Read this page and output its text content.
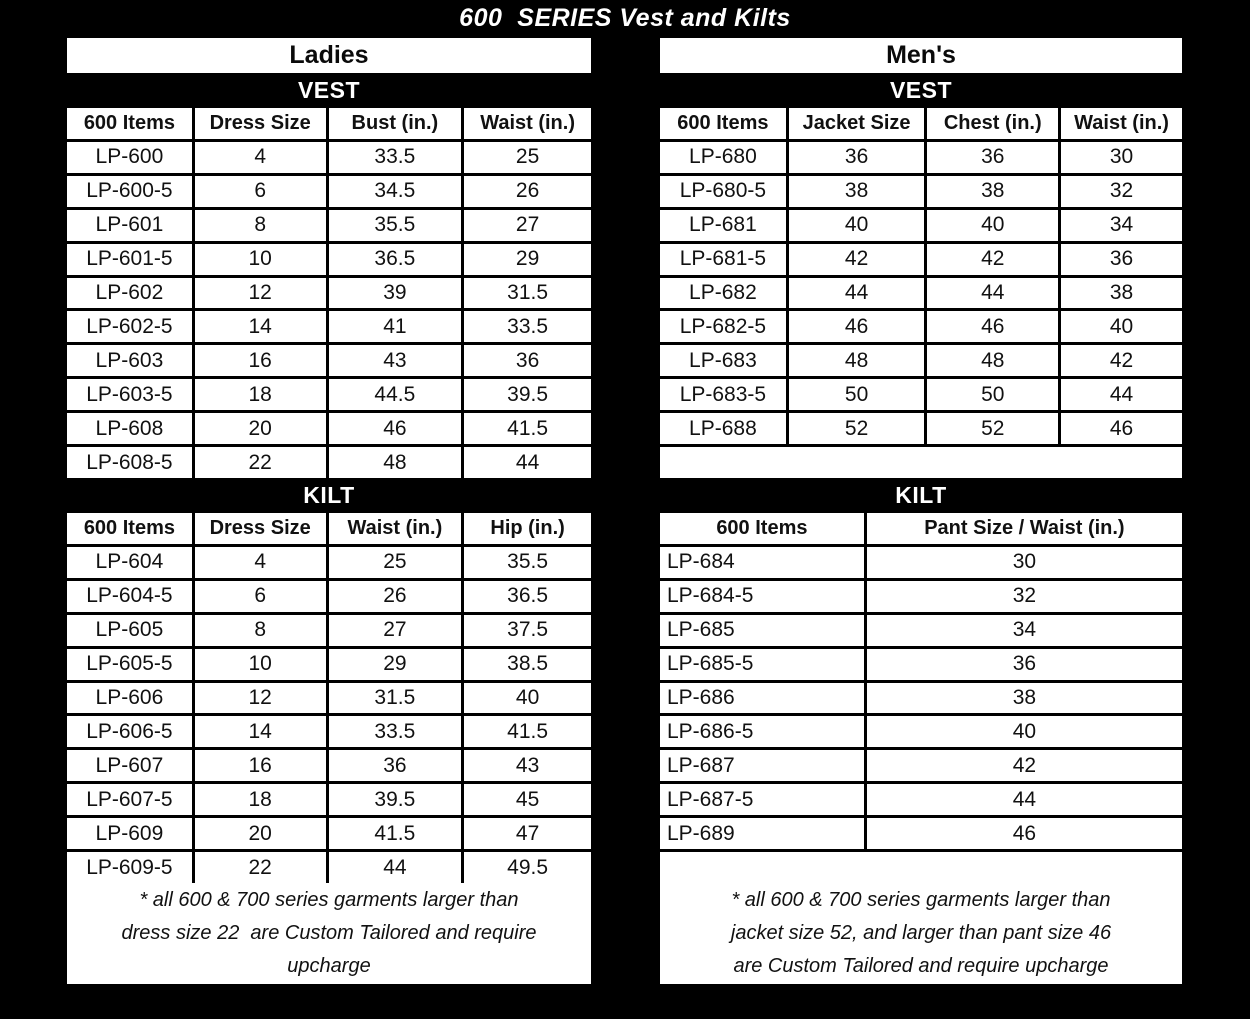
600  SERIES Vest and Kilts
Ladies
VEST
600 Items	Dress Size	Bust (in.)	Waist (in.)
LP-600	4	33.5	25
LP-600-5	6	34.5	26
LP-601	8	35.5	27
LP-601-5	10	36.5	29
LP-602	12	39	31.5
LP-602-5	14	41	33.5
LP-603	16	43	36
LP-603-5	18	44.5	39.5
LP-608	20	46	41.5
LP-608-5	22	48	44
KILT
600 Items	Dress Size	Waist (in.)	Hip (in.)
LP-604	4	25	35.5
LP-604-5	6	26	36.5
LP-605	8	27	37.5
LP-605-5	10	29	38.5
LP-606	12	31.5	40
LP-606-5	14	33.5	41.5
LP-607	16	36	43
LP-607-5	18	39.5	45
LP-609	20	41.5	47
LP-609-5	22	44	49.5
* all 600 & 700 series garments larger than
dress size 22  are Custom Tailored and require
upcharge
Men's
VEST
600 Items	Jacket Size	Chest (in.)	Waist (in.)
LP-680	36	36	30
LP-680-5	38	38	32
LP-681	40	40	34
LP-681-5	42	42	36
LP-682	44	44	38
LP-682-5	46	46	40
LP-683	48	48	42
LP-683-5	50	50	44
LP-688	52	52	46
KILT
600 Items	Pant Size / Waist (in.)
LP-684	30
LP-684-5	32
LP-685	34
LP-685-5	36
LP-686	38
LP-686-5	40
LP-687	42
LP-687-5	44
LP-689	46
* all 600 & 700 series garments larger than
jacket size 52, and larger than pant size 46
are Custom Tailored and require upcharge
